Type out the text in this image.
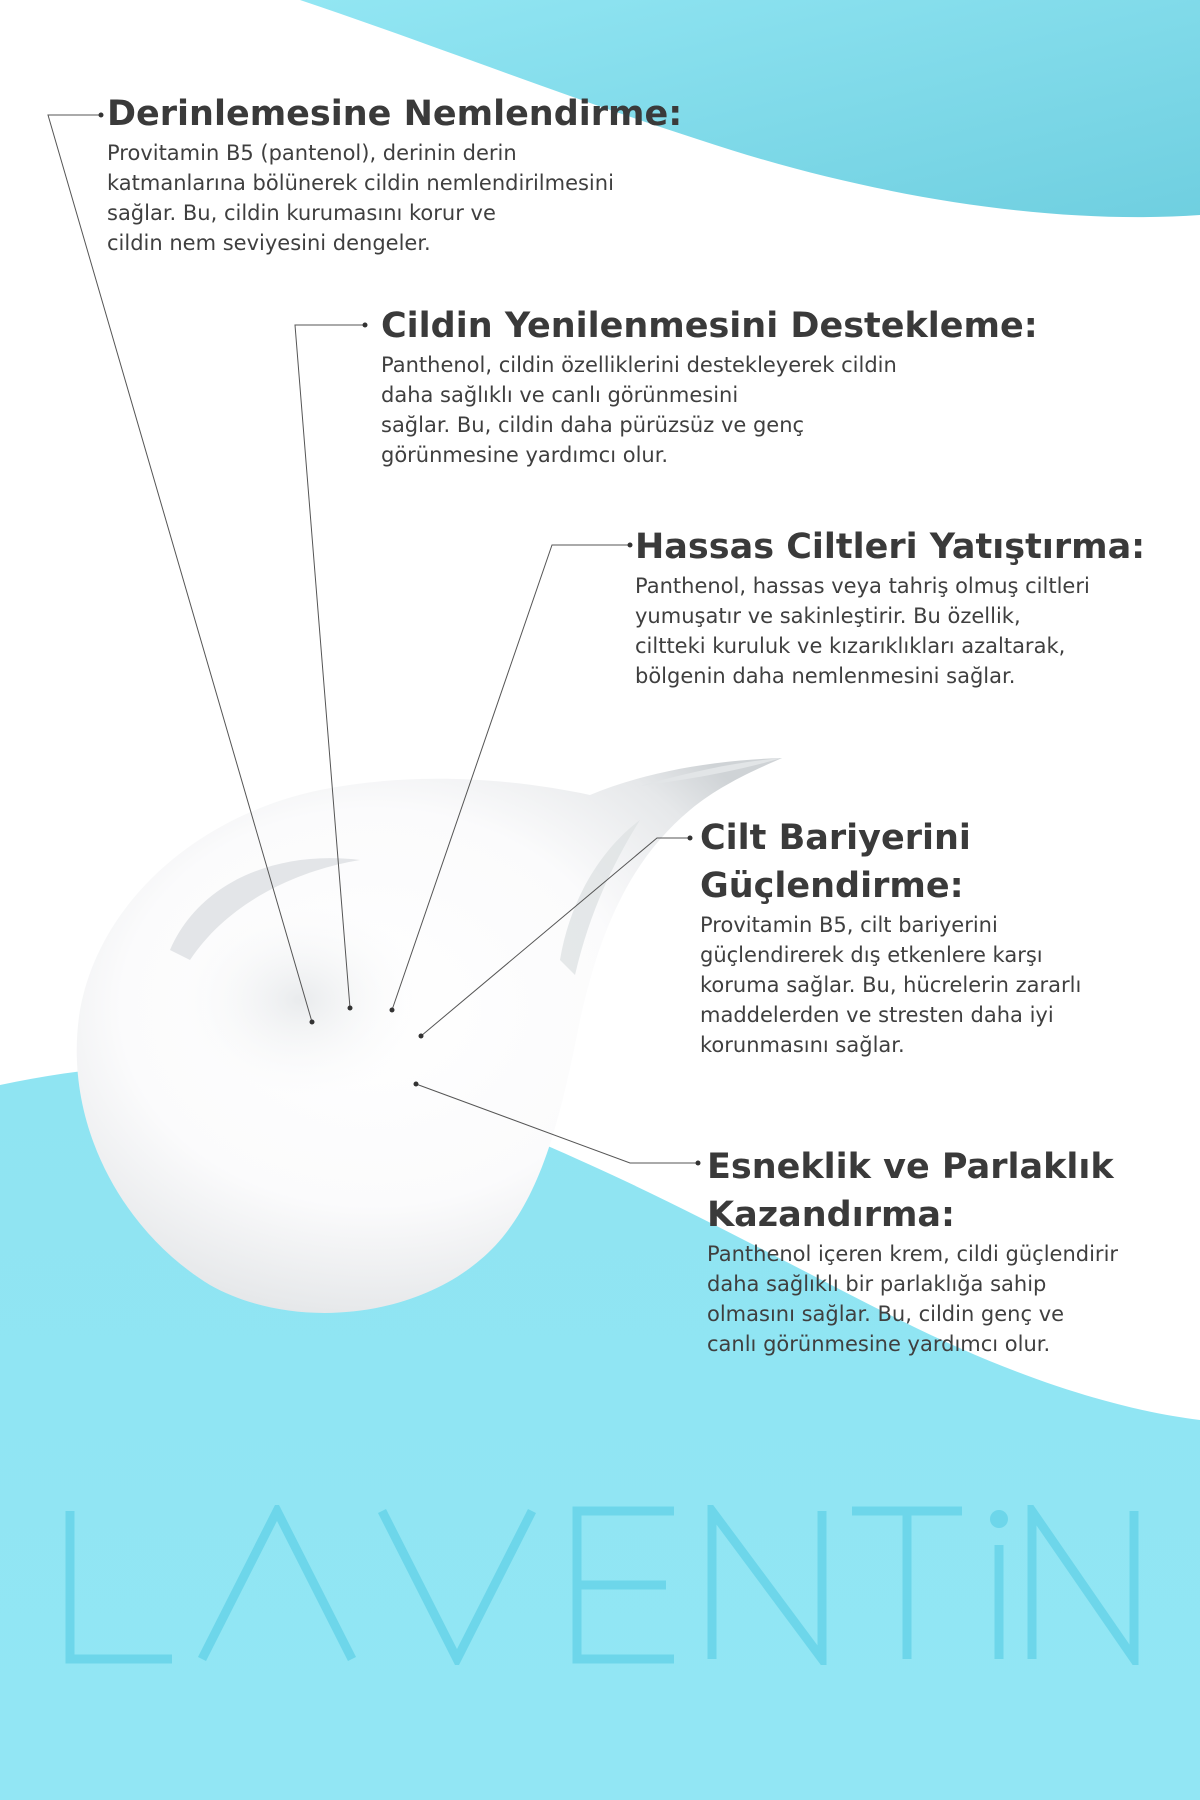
Derinlemesine Nemlendirme:

Provitamin B5 (pantenol), derinin derin
katmanlarına bölünerek cildin nemlendirilmesini
sağlar. Bu, cildin kurumasını korur ve
cildin nem seviyesini dengeler.

Cildin Yenilenmesini Destekleme:

Panthenol, cildin özelliklerini destekleyerek cildin
daha sağlıklı ve canlı görünmesini
sağlar. Bu, cildin daha pürüzsüz ve genç
görünmesine yardımcı olur.

Hassas Ciltleri Yatıştırma:

Panthenol, hassas veya tahriş olmuş ciltleri
yumuşatır ve sakinleştirir. Bu özellik,
ciltteki kuruluk ve kızarıklıkları azaltarak,
bölgenin daha nemlenmesini sağlar.

Cilt Bariyerini
Güçlendirme:

Provitamin B5, cilt bariyerini
güçlendirerek dış etkenlere karşı
koruma sağlar. Bu, hücrelerin zararlı
maddelerden ve stresten daha iyi
korunmasını sağlar.

Esneklik ve Parlaklık
Kazandırma:

Panthenol içeren krem, cildi güçlendirir
daha sağlıklı bir parlaklığa sahip
olmasını sağlar. Bu, cildin genç ve
canlı görünmesine yardımcı olur.
